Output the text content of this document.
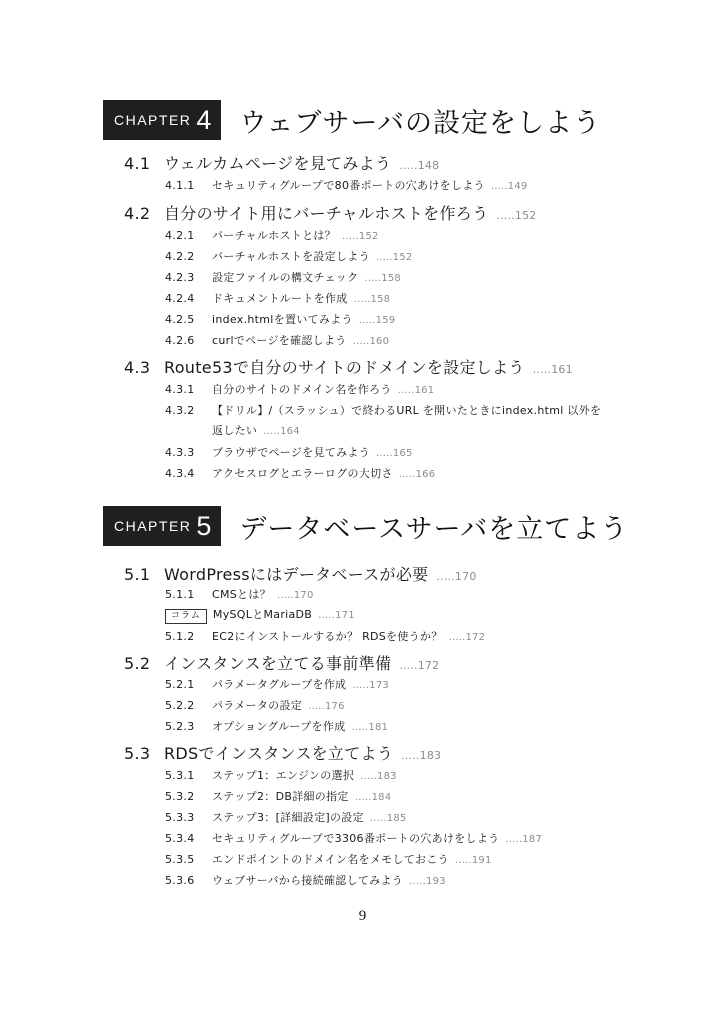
CHAPTER 4 ウェブサーバの設定をしよう
4.1 ウェルカムページを見てみよう .....148
4.1.1 セキュリティグループで80番ポートの穴あけをしよう .....149
4.2 自分のサイト用にバーチャルホストを作ろう .....152
4.2.1 バーチャルホストとは？ .....152
4.2.2 バーチャルホストを設定しよう .....152
4.2.3 設定ファイルの構文チェック .....158
4.2.4 ドキュメントルートを作成 .....158
4.2.5 index.htmlを置いてみよう .....159
4.2.6 curlでページを確認しよう .....160
4.3 Route53で自分のサイトのドメインを設定しよう .....161
4.3.1 自分のサイトのドメイン名を作ろう .....161
4.3.2 【ドリル】/（スラッシュ）で終わるURL を開いたときにindex.html 以外を
返したい .....164
4.3.3 ブラウザでページを見てみよう .....165
4.3.4 アクセスログとエラーログの大切さ .....166
CHAPTER 5 データベースサーバを立てよう
5.1 WordPressにはデータベースが必要 .....170
5.1.1 CMSとは？ .....170
コラム MySQLとMariaDB .....171
5.1.2 EC2にインストールするか？ RDSを使うか？ .....172
5.2 インスタンスを立てる事前準備 .....172
5.2.1 パラメータグループを作成 .....173
5.2.2 パラメータの設定 .....176
5.2.3 オプショングループを作成 .....181
5.3 RDSでインスタンスを立てよう .....183
5.3.1 ステップ1：エンジンの選択 .....183
5.3.2 ステップ2：DB詳細の指定 .....184
5.3.3 ステップ3：[詳細設定]の設定 .....185
5.3.4 セキュリティグループで3306番ポートの穴あけをしよう .....187
5.3.5 エンドポイントのドメイン名をメモしておこう .....191
5.3.6 ウェブサーバから接続確認してみよう .....193
9
